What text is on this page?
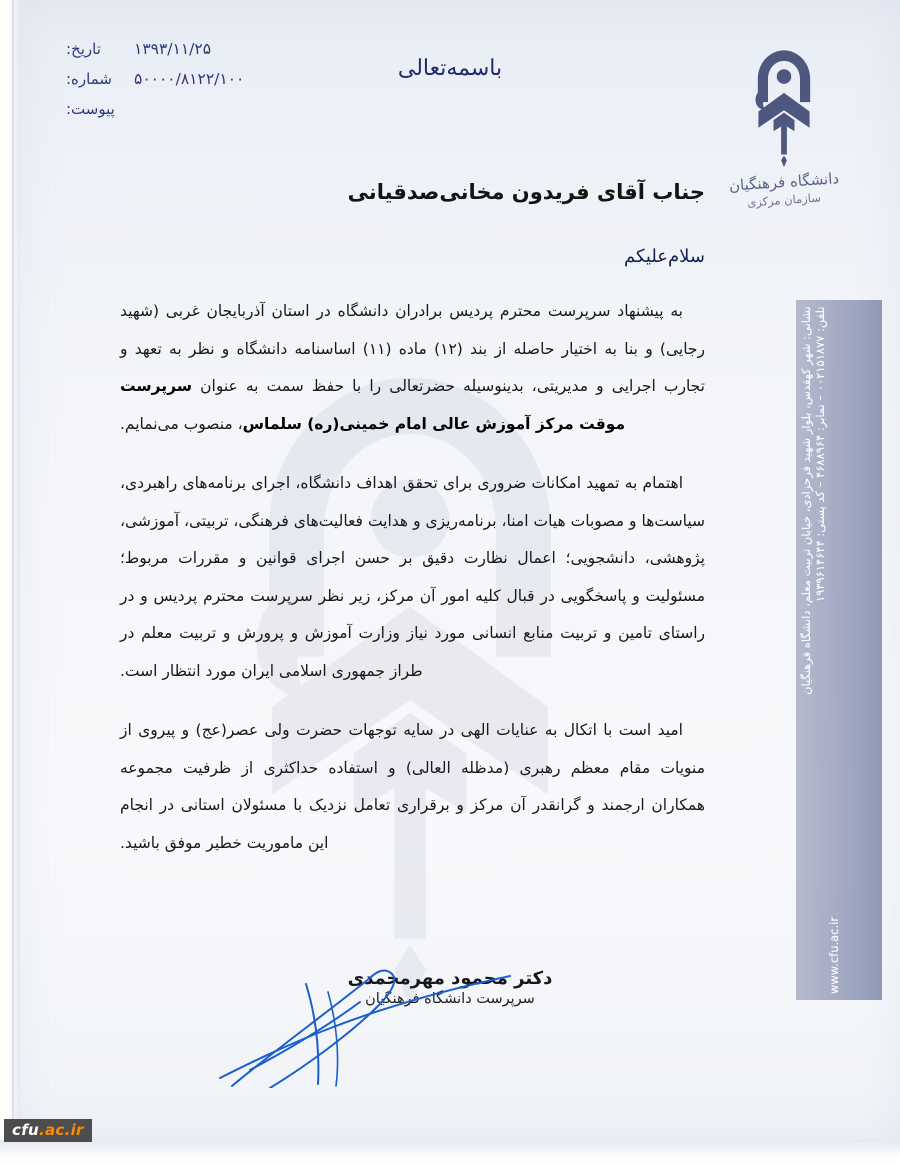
دانشگاه فرهنگیان
سازمان مرکزی
تاریخ:	۱۳۹۳/۱۱/۲۵
شماره:	۵۰۰۰۰/۸۱۲۲/۱۰۰
پیوست:
باسمه‌تعالی
جناب آقای فریدون مخانی‌صدقیانی
سلام‌علیکم

به پیشنهاد سرپرست محترم پردیس برادران دانشگاه در استان آذربایجان غربی (شهید رجایی) و بنا به اختیار حاصله از بند (۱۲) ماده (۱۱) اساسنامه دانشگاه و نظر به تعهد و تجارب اجرایی و مدیریتی، بدینوسیله حضرتعالی را با حفظ سمت به عنوان سرپرست موقت مرکز آموزش عالی امام خمینی(ره) سلماس، منصوب می‌نمایم.

اهتمام به تمهید امکانات ضروری برای تحقق اهداف دانشگاه، اجرای برنامه‌های راهبردی، سیاست‌ها و مصوبات هیات امنا، برنامه‌ریزی و هدایت فعالیت‌های فرهنگی، تربیتی، آموزشی، پژوهشی، دانشجویی؛ اعمال نظارت دقیق بر حسن اجرای قوانین و مقررات مربوط؛ مسئولیت و پاسخگویی در قبال کلیه امور آن مرکز، زیر نظر سرپرست محترم پردیس و در راستای تامین و تربیت منابع انسانی مورد نیاز وزارت آموزش و پرورش و تربیت معلم در طراز جمهوری اسلامی ایران مورد انتظار است.

امید است با اتکال به عنایات الهی در سایه توجهات حضرت ولی عصر(عج) و پیروی از منویات مقام معظم رهبری (مدظله العالی) و استفاده حداکثری از ظرفیت مجموعه همکاران ارجمند و گرانقدر آن مرکز و برقراری تعامل نزدیک با مسئولان استانی در انجام این ماموریت خطیر موفق باشید.

دکتر محمود مهرمحمدی
سرپرست دانشگاه فرهنگیان
نشانی: شهر کهقدس، بلوار شهید فرحزادی، خیابان تربیت معلم، دانشگاه فرهنگیان تلفن: ۰۰۲۱۵۱۸۷۷ – نمابر: ۴۶۸۸۹۶۴ – کد پستی: ۱۹۳۹۶۱۴۶۴۴
www.cfu.ac.ir
cfu.ac.ir
